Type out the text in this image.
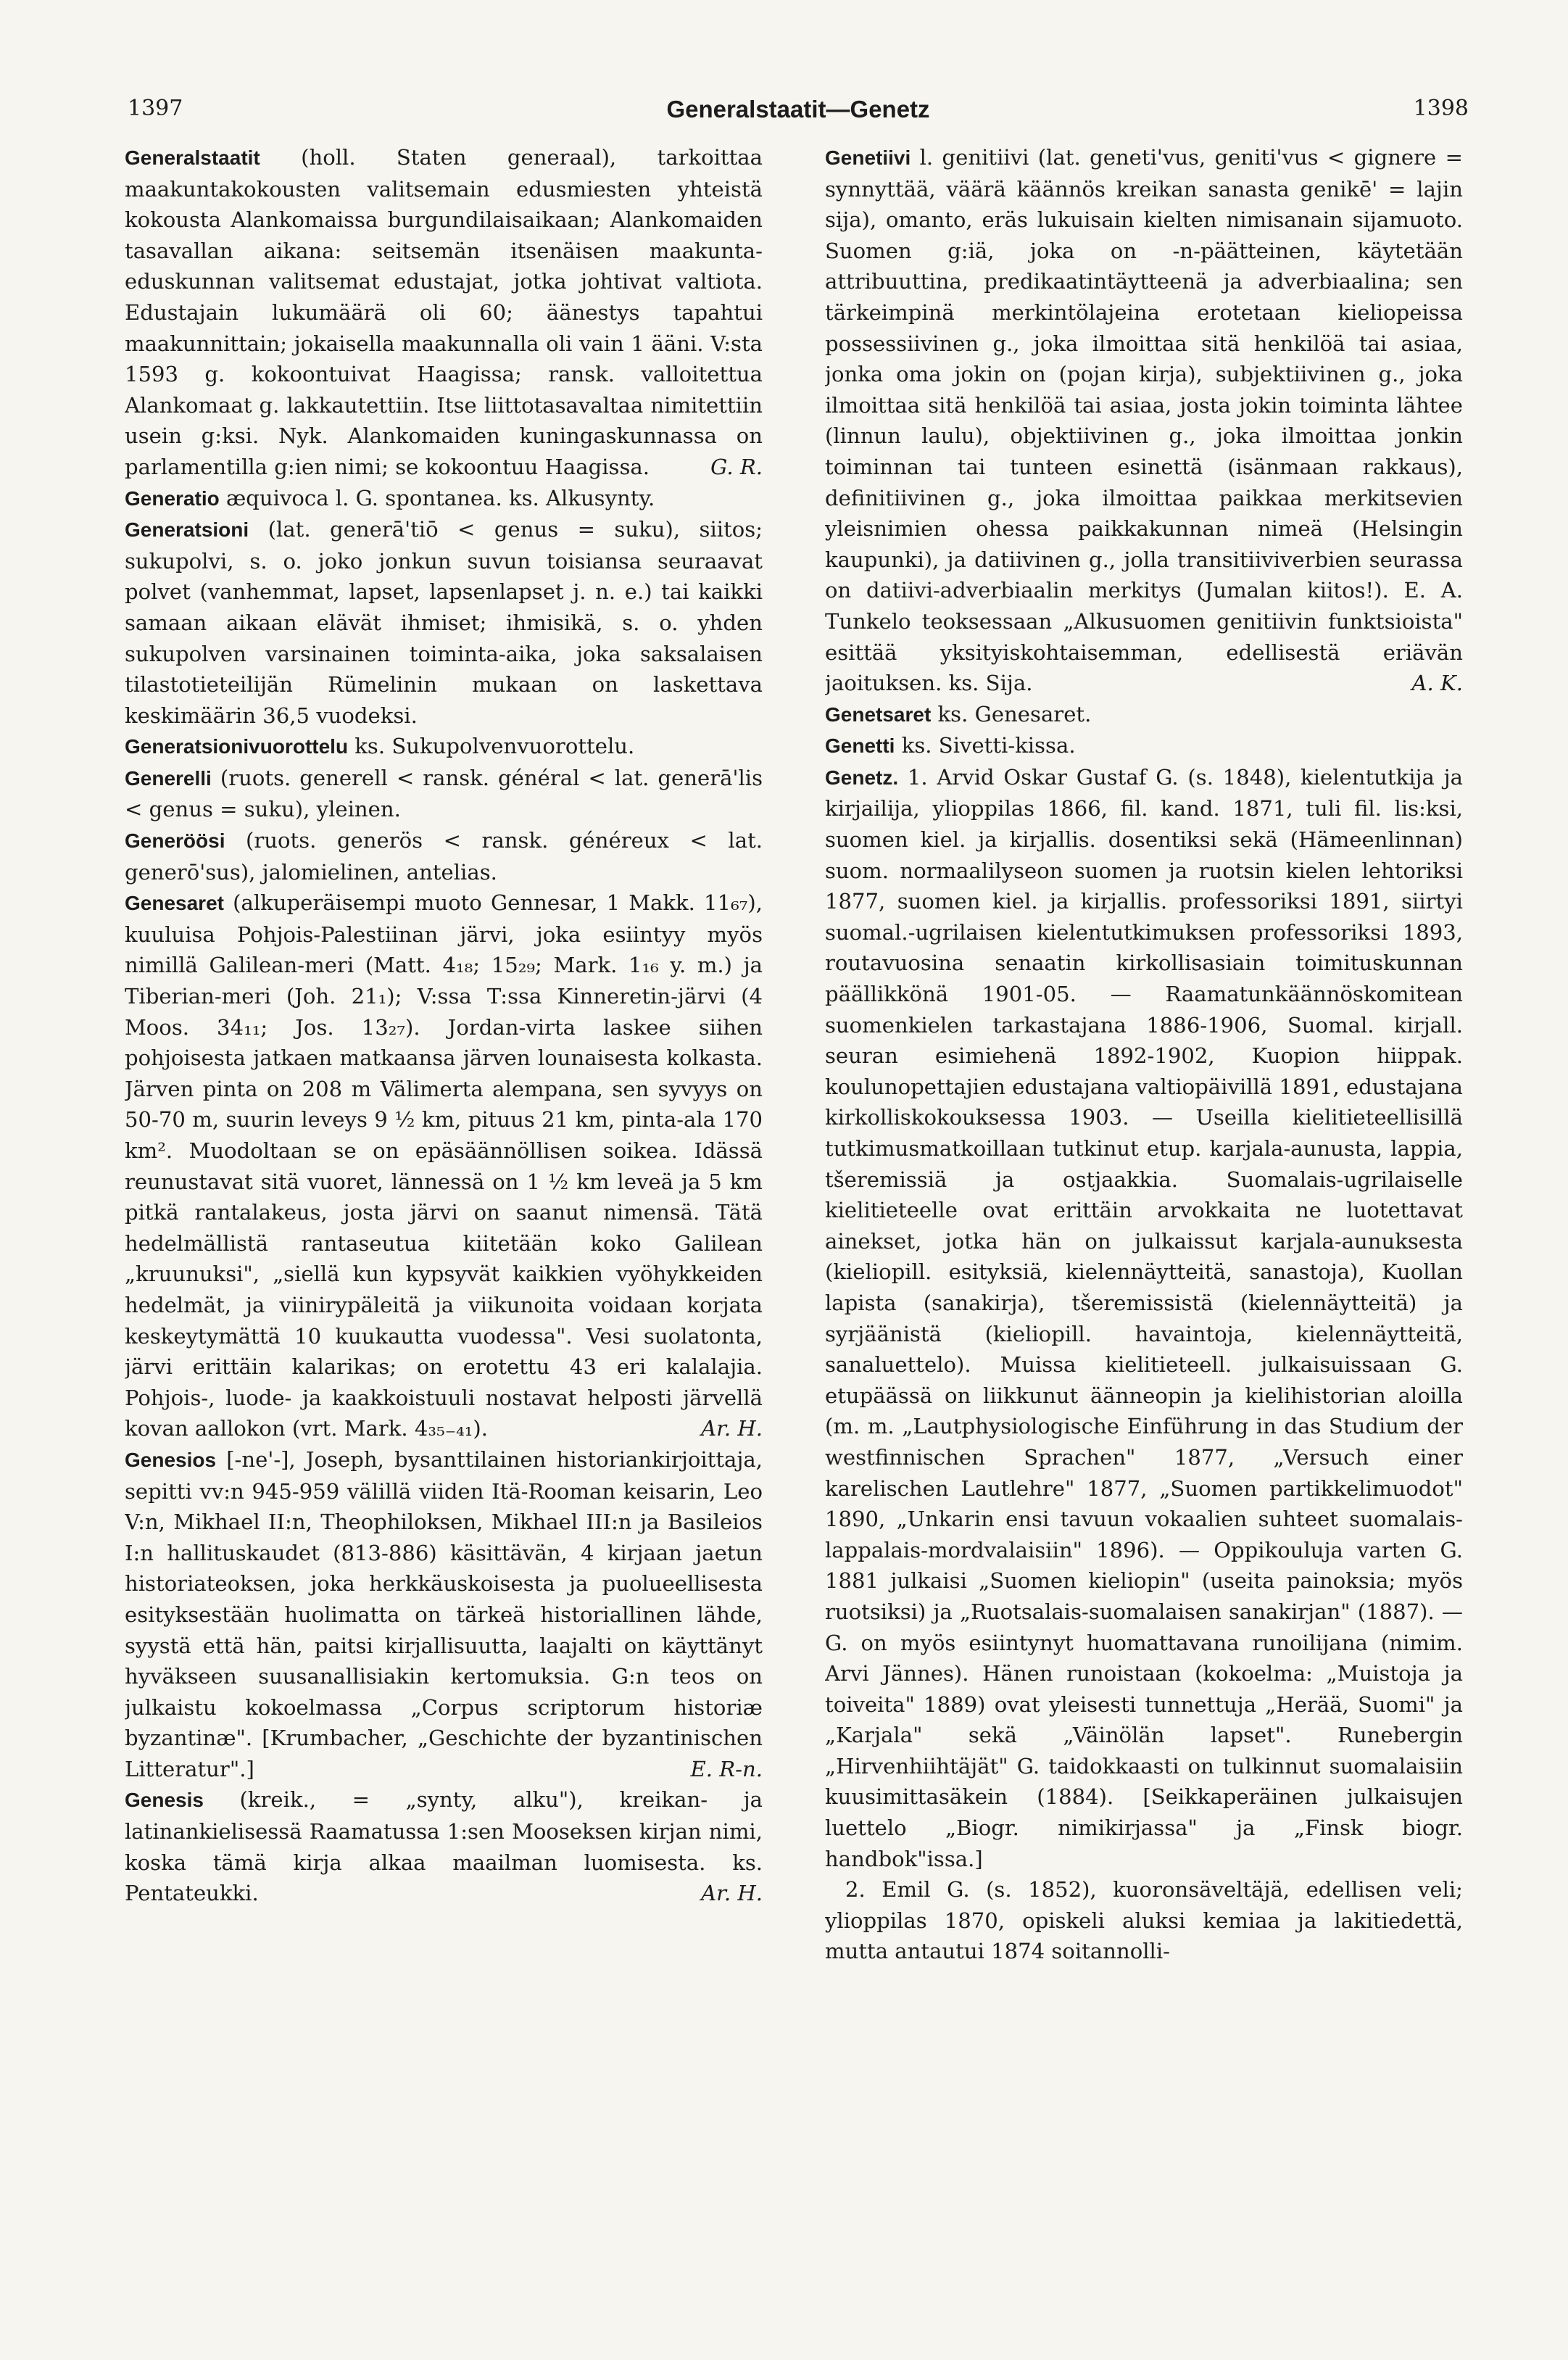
1397	Generalstaatit—Genetz	1398

Generalstaatit (holl. Staten generaal), tarkoittaa maakuntakokousten valitsemain edusmiesten yhteistä kokousta Alankomaissa burgundilaisaikaan; Alankomaiden tasavallan aikana: seitsemän itsenäisen maakunta-eduskunnan valitsemat edustajat, jotka johtivat valtiota. Edustajain lukumäärä oli 60; äänestys tapahtui maakunnittain; jokaisella maakunnalla oli vain 1 ääni. V:sta 1593 g. kokoontuivat Haagissa; ransk. valloitettua Alankomaat g. lakkautettiin. Itse liittotasavaltaa nimitettiin usein g:ksi. Nyk. Alankomaiden kuningaskunnassa on parlamentilla g:ien nimi; se kokoontuu Haagissa.	G. R.

Generatio æquivoca l. G. spontanea. ks. Alkusynty.

Generatsioni (lat. generā'tiō < genus = suku), siitos; sukupolvi, s. o. joko jonkun suvun toisiansa seuraavat polvet (vanhemmat, lapset, lapsenlapset j. n. e.) tai kaikki samaan aikaan elävät ihmiset; ihmisikä, s. o. yhden sukupolven varsinainen toiminta-aika, joka saksalaisen tilastotieteilijän Rümelinin mukaan on laskettava keskimäärin 36,5 vuodeksi.

Generatsionivuorottelu ks. Sukupolvenvuorottelu.

Generelli (ruots. generell < ransk. général < lat. generā'lis < genus = suku), yleinen.

Generöösi (ruots. generös < ransk. généreux < lat. generō'sus), jalomielinen, antelias.

Genesaret (alkuperäisempi muoto Gennesar, 1 Makk. 11₆₇), kuuluisa Pohjois-Palestiinan järvi, joka esiintyy myös nimillä Galilean-meri (Matt. 4₁₈; 15₂₉; Mark. 1₁₆ y. m.) ja Tiberian-meri (Joh. 21₁); V:ssa T:ssa Kinneretin-järvi (4 Moos. 34₁₁; Jos. 13₂₇). Jordan-virta laskee siihen pohjoisesta jatkaen matkaansa järven lounaisesta kolkasta. Järven pinta on 208 m Välimerta alempana, sen syvyys on 50-70 m, suurin leveys 9 ½ km, pituus 21 km, pinta-ala 170 km². Muodoltaan se on epäsäännöllisen soikea. Idässä reunustavat sitä vuoret, lännessä on 1 ½ km leveä ja 5 km pitkä rantalakeus, josta järvi on saanut nimensä. Tätä hedelmällistä rantaseutua kiitetään koko Galilean „kruunuksi", „siellä kun kypsyvät kaikkien vyöhykkeiden hedelmät, ja viinirypäleitä ja viikunoita voidaan korjata keskeytymättä 10 kuukautta vuodessa". Vesi suolatonta, järvi erittäin kalarikas; on erotettu 43 eri kalalajia. Pohjois-, luode- ja kaakkoistuuli nostavat helposti järvellä kovan aallokon (vrt. Mark. 4₃₅₋₄₁).	Ar. H.

Genesios [-ne'-], Joseph, bysanttilainen historiankirjoittaja, sepitti vv:n 945-959 välillä viiden Itä-Rooman keisarin, Leo V:n, Mikhael II:n, Theophiloksen, Mikhael III:n ja Basileios I:n hallituskaudet (813-886) käsittävän, 4 kirjaan jaetun historiateoksen, joka herkkäuskoisesta ja puolueellisesta esityksestään huolimatta on tärkeä historiallinen lähde, syystä että hän, paitsi kirjallisuutta, laajalti on käyttänyt hyväkseen suusanallisiakin kertomuksia. G:n teos on julkaistu kokoelmassa „Corpus scriptorum historiæ byzantinæ". [Krumbacher, „Geschichte der byzantinischen Litteratur".]	E. R-n.

Genesis (kreik., = „synty, alku"), kreikan- ja latinankielisessä Raamatussa 1:sen Mooseksen kirjan nimi, koska tämä kirja alkaa maailman luomisesta. ks. Pentateukki.	Ar. H.

Genetiivi l. genitiivi (lat. geneti'vus, geniti'vus < gignere = synnyttää, väärä käännös kreikan sanasta genikē' = lajin sija), omanto, eräs lukuisain kielten nimisanain sijamuoto. Suomen g:iä, joka on -n-päätteinen, käytetään attribuuttina, predikaatintäytteenä ja adverbiaalina; sen tärkeimpinä merkintölajeina erotetaan kieliopeissa possessiivinen g., joka ilmoittaa sitä henkilöä tai asiaa, jonka oma jokin on (pojan kirja), subjektiivinen g., joka ilmoittaa sitä henkilöä tai asiaa, josta jokin toiminta lähtee (linnun laulu), objektiivinen g., joka ilmoittaa jonkin toiminnan tai tunteen esinettä (isänmaan rakkaus), definitiivinen g., joka ilmoittaa paikkaa merkitsevien yleisnimien ohessa paikkakunnan nimeä (Helsingin kaupunki), ja datiivinen g., jolla transitiiviverbien seurassa on datiivi-adverbiaalin merkitys (Jumalan kiitos!). E. A. Tunkelo teoksessaan „Alkusuomen genitiivin funktsioista" esittää yksityiskohtaisemman, edellisestä eriävän jaoituksen. ks. Sija.	A. K.

Genetsaret ks. Genesaret.

Genetti ks. Sivetti-kissa.

Genetz. 1. Arvid Oskar Gustaf G. (s. 1848), kielentutkija ja kirjailija, ylioppilas 1866, fil. kand. 1871, tuli fil. lis:ksi, suomen kiel. ja kirjallis. dosentiksi sekä (Hämeenlinnan) suom. normaalilyseon suomen ja ruotsin kielen lehtoriksi 1877, suomen kiel. ja kirjallis. professoriksi 1891, siirtyi suomal.-ugrilaisen kielentutkimuksen professoriksi 1893, routavuosina senaatin kirkollisasiain toimituskunnan päällikkönä 1901-05. — Raamatunkäännöskomitean suomenkielen tarkastajana 1886-1906, Suomal. kirjall. seuran esimiehenä 1892-1902, Kuopion hiippak. koulunopettajien edustajana valtiopäivillä 1891, edustajana kirkolliskokouksessa 1903. — Useilla kielitieteellisillä tutkimusmatkoillaan tutkinut etup. karjala-aunusta, lappia, tšeremissiä ja ostjaakkia. Suomalais-ugrilaiselle kielitieteelle ovat erittäin arvokkaita ne luotettavat ainekset, jotka hän on julkaissut karjala-aunuksesta (kieliopill. esityksiä, kielennäytteitä, sanastoja), Kuollan lapista (sanakirja), tšeremissistä (kielennäytteitä) ja syrjäänistä (kieliopill. havaintoja, kielennäytteitä, sanaluettelo). Muissa kielitieteell. julkaisuissaan G. etupäässä on liikkunut äänneopin ja kielihistorian aloilla (m. m. „Lautphysiologische Einführung in das Studium der westfinnischen Sprachen" 1877, „Versuch einer karelischen Lautlehre" 1877, „Suomen partikkelimuodot" 1890, „Unkarin ensi tavuun vokaalien suhteet suomalais-lappalais-mordvalaisiin" 1896). — Oppikouluja varten G. 1881 julkaisi „Suomen kieliopin" (useita painoksia; myös ruotsiksi) ja „Ruotsalais-suomalaisen sanakirjan" (1887). — G. on myös esiintynyt huomattavana runoilijana (nimim. Arvi Jännes). Hänen runoistaan (kokoelma: „Muistoja ja toiveita" 1889) ovat yleisesti tunnettuja „Herää, Suomi" ja „Karjala" sekä „Väinölän lapset". Runebergin „Hirvenhiihtäjät" G. taidokkaasti on tulkinnut suomalaisiin kuusimittasäkein (1884). [Seikkaperäinen julkaisujen luettelo „Biogr. nimikirjassa" ja „Finsk biogr. handbok"issa.]

2. Emil G. (s. 1852), kuoronsäveltäjä, edellisen veli; ylioppilas 1870, opiskeli aluksi kemiaa ja lakitiedettä, mutta antautui 1874 soitannolli-
